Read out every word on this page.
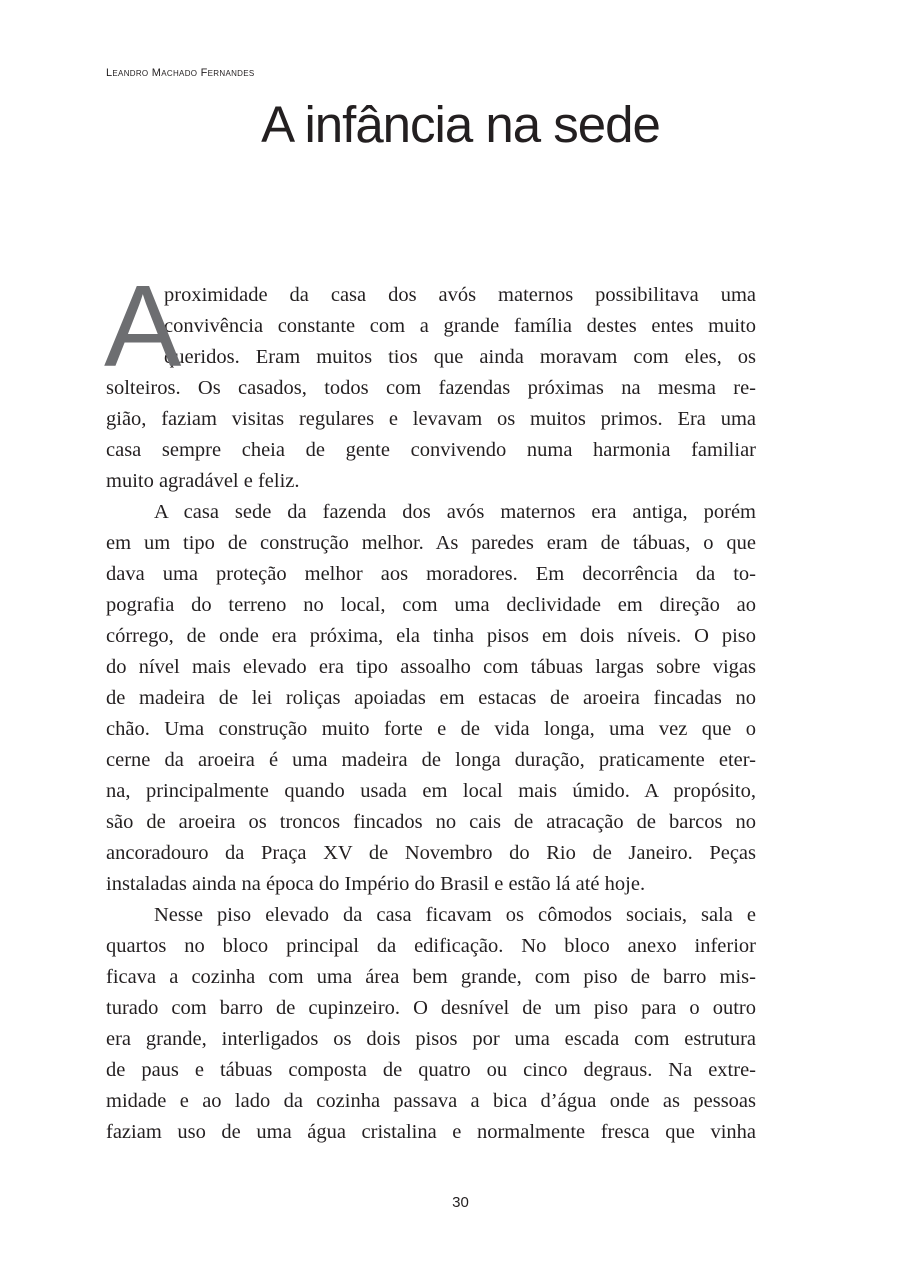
Leandro Machado Fernandes
A infância na sede
A
proximidade da casa dos avós maternos possibilitava uma
convivência constante com a grande família destes entes muito
queridos. Eram muitos tios que ainda moravam com eles, os
solteiros. Os casados, todos com fazendas próximas na mesma re-
gião, faziam visitas regulares e levavam os muitos primos. Era uma
casa sempre cheia de gente convivendo numa harmonia familiar
muito agradável e feliz.
A casa sede da fazenda dos avós maternos era antiga, porém
em um tipo de construção melhor. As paredes eram de tábuas, o que
dava uma proteção melhor aos moradores. Em decorrência da to-
pografia do terreno no local, com uma declividade em direção ao
córrego, de onde era próxima, ela tinha pisos em dois níveis. O piso
do nível mais elevado era tipo assoalho com tábuas largas sobre vigas
de madeira de lei roliças apoiadas em estacas de aroeira fincadas no
chão. Uma construção muito forte e de vida longa, uma vez que o
cerne da aroeira é uma madeira de longa duração, praticamente eter-
na, principalmente quando usada em local mais úmido. A propósito,
são de aroeira os troncos fincados no cais de atracação de barcos no
ancoradouro da Praça XV de Novembro do Rio de Janeiro. Peças
instaladas ainda na época do Império do Brasil e estão lá até hoje.
Nesse piso elevado da casa ficavam os cômodos sociais, sala e
quartos no bloco principal da edificação. No bloco anexo inferior
ficava a cozinha com uma área bem grande, com piso de barro mis-
turado com barro de cupinzeiro. O desnível de um piso para o outro
era grande, interligados os dois pisos por uma escada com estrutura
de paus e tábuas composta de quatro ou cinco degraus. Na extre-
midade e ao lado da cozinha passava a bica d’água onde as pessoas
faziam uso de uma água cristalina e normalmente fresca que vinha
30
